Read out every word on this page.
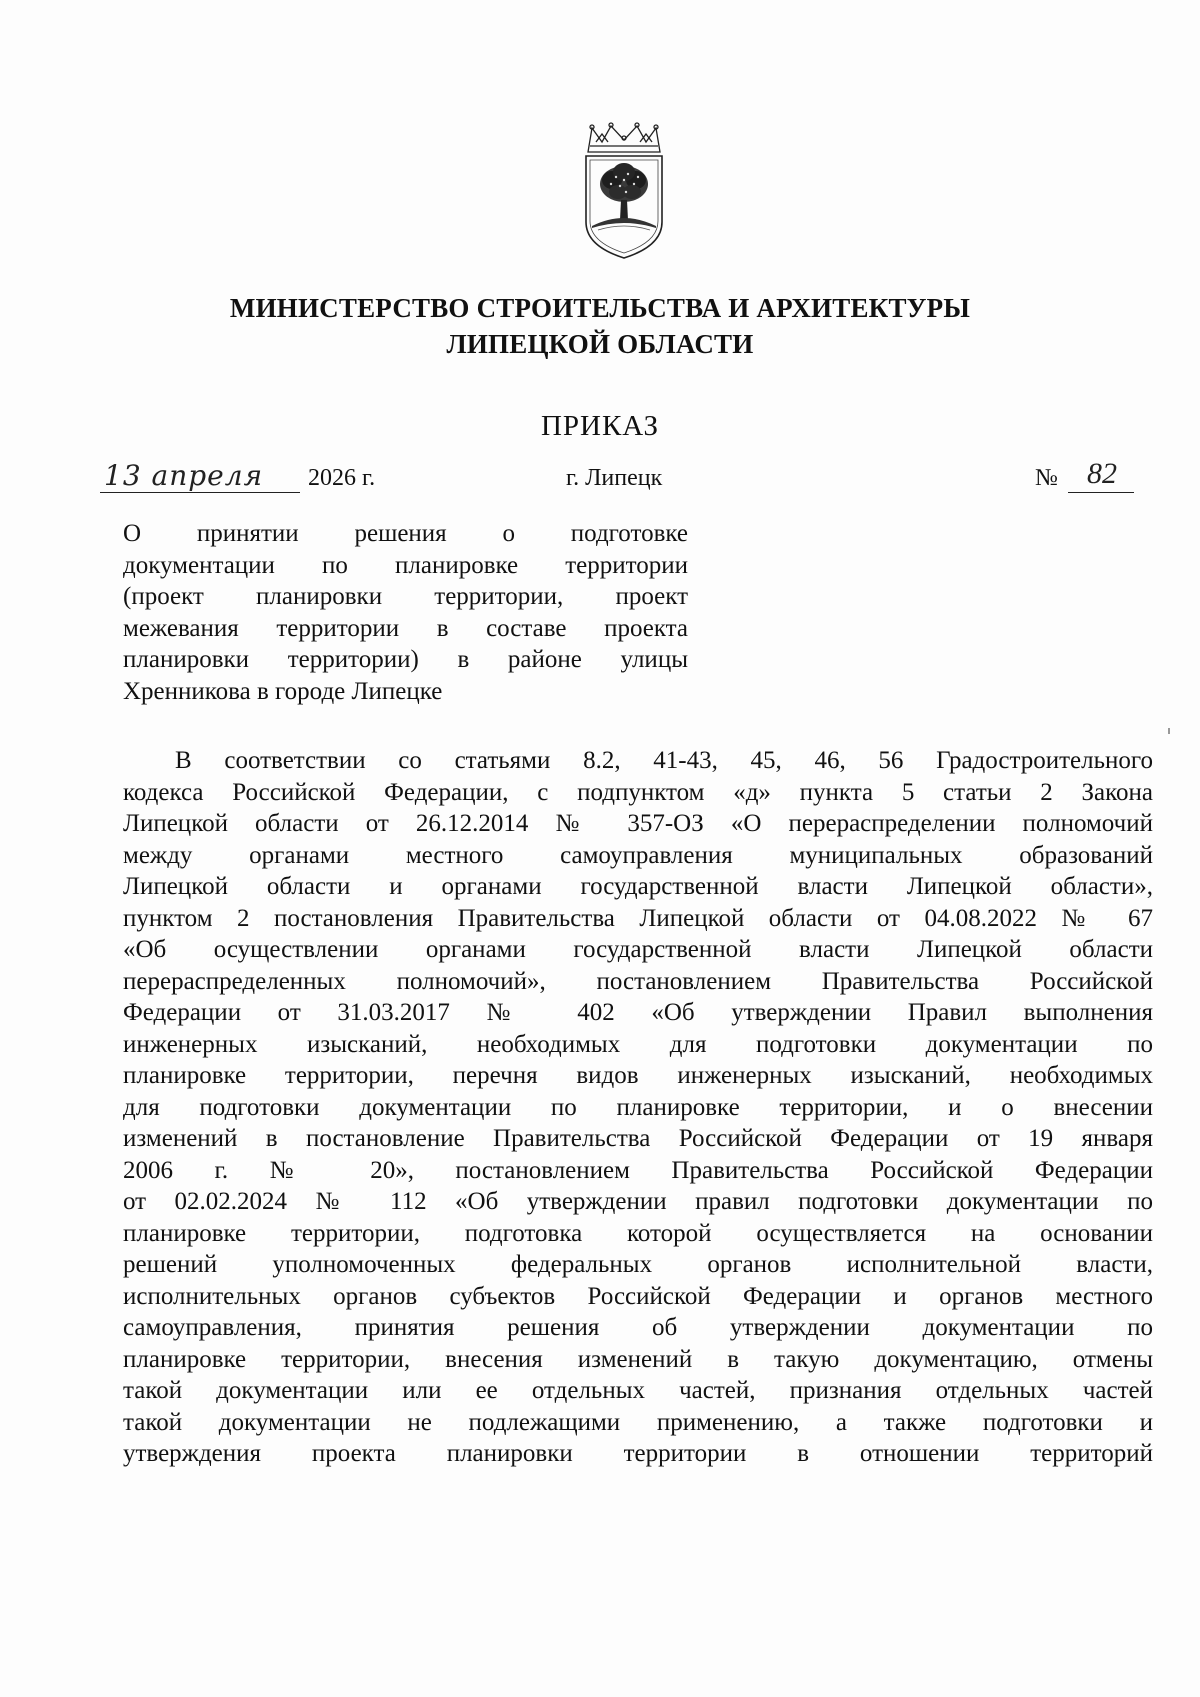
МИНИСТЕРСТВО СТРОИТЕЛЬСТВА И АРХИТЕКТУРЫ
ЛИПЕЦКОЙ ОБЛАСТИ
ПРИКАЗ
13 апреля 2026 г.	г. Липецк	№ 82
О принятии решения о подготовке
документации по планировке территории
(проект планировки территории, проект
межевания территории в составе проекта
планировки территории) в районе улицы
Хренникова в городе Липецке
В соответствии со статьями 8.2, 41-43, 45, 46, 56 Градостроительного
кодекса Российской Федерации, с подпунктом «д» пункта 5 статьи 2 Закона
Липецкой области от 26.12.2014 № 357-ОЗ «О перераспределении полномочий
между органами местного самоуправления муниципальных образований
Липецкой области и органами государственной власти Липецкой области»,
пунктом 2 постановления Правительства Липецкой области от 04.08.2022 № 67
«Об осуществлении органами государственной власти Липецкой области
перераспределенных полномочий», постановлением Правительства Российской
Федерации от 31.03.2017 № 402 «Об утверждении Правил выполнения
инженерных изысканий, необходимых для подготовки документации по
планировке территории, перечня видов инженерных изысканий, необходимых
для подготовки документации по планировке территории, и о внесении
изменений в постановление Правительства Российской Федерации от 19 января
2006 г. № 20», постановлением Правительства Российской Федерации
от 02.02.2024 № 112 «Об утверждении правил подготовки документации по
планировке территории, подготовка которой осуществляется на основании
решений уполномоченных федеральных органов исполнительной власти,
исполнительных органов субъектов Российской Федерации и органов местного
самоуправления, принятия решения об утверждении документации по
планировке территории, внесения изменений в такую документацию, отмены
такой документации или ее отдельных частей, признания отдельных частей
такой документации не подлежащими применению, а также подготовки и
утверждения проекта планировки территории в отношении территорий
